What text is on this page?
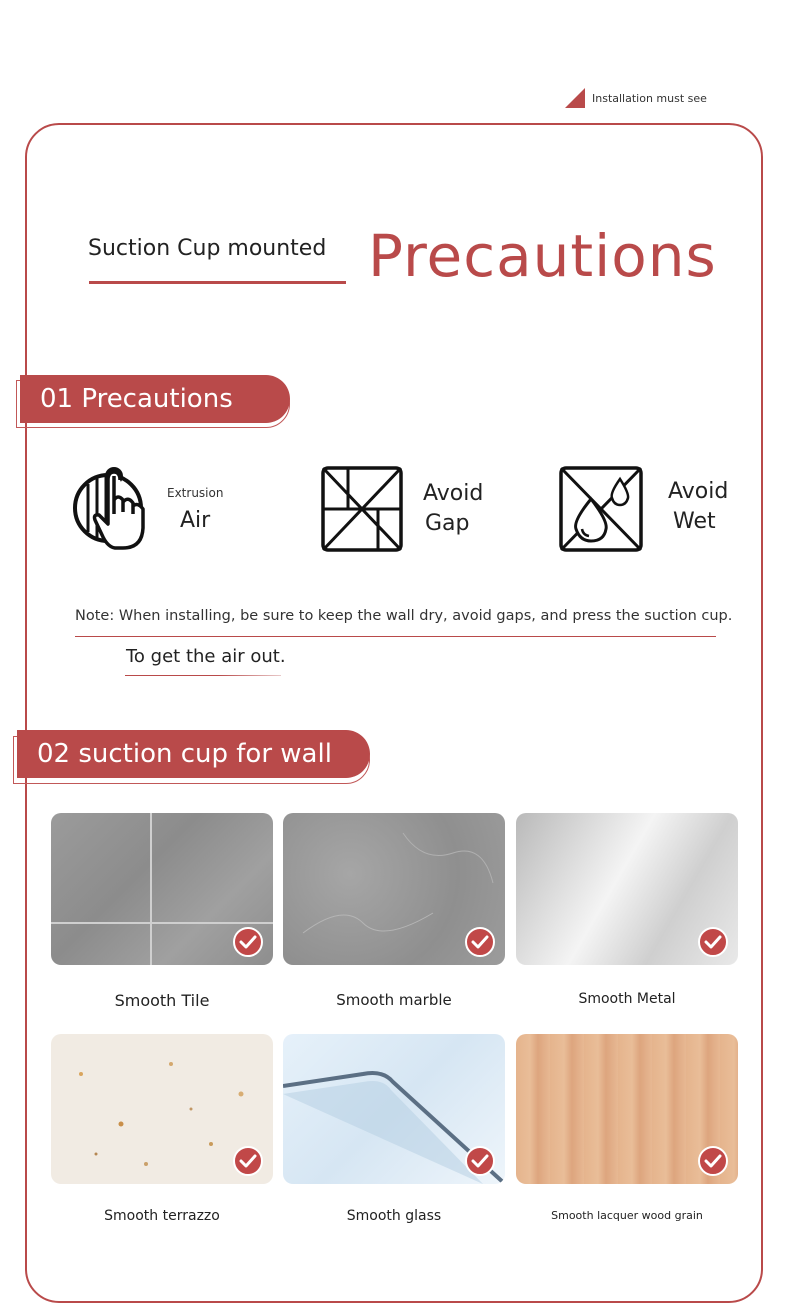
Installation must see
Suction Cup mounted Precautions
01 Precautions
Extrusion
Air
Avoid
Gap
Avoid
Wet
Note: When installing, be sure to keep the wall dry, avoid gaps, and press the suction cup.
To get the air out.
02 suction cup for wall
Smooth Tile	Smooth marble	Smooth Metal
Smooth terrazzo	Smooth glass	Smooth lacquer wood grain
